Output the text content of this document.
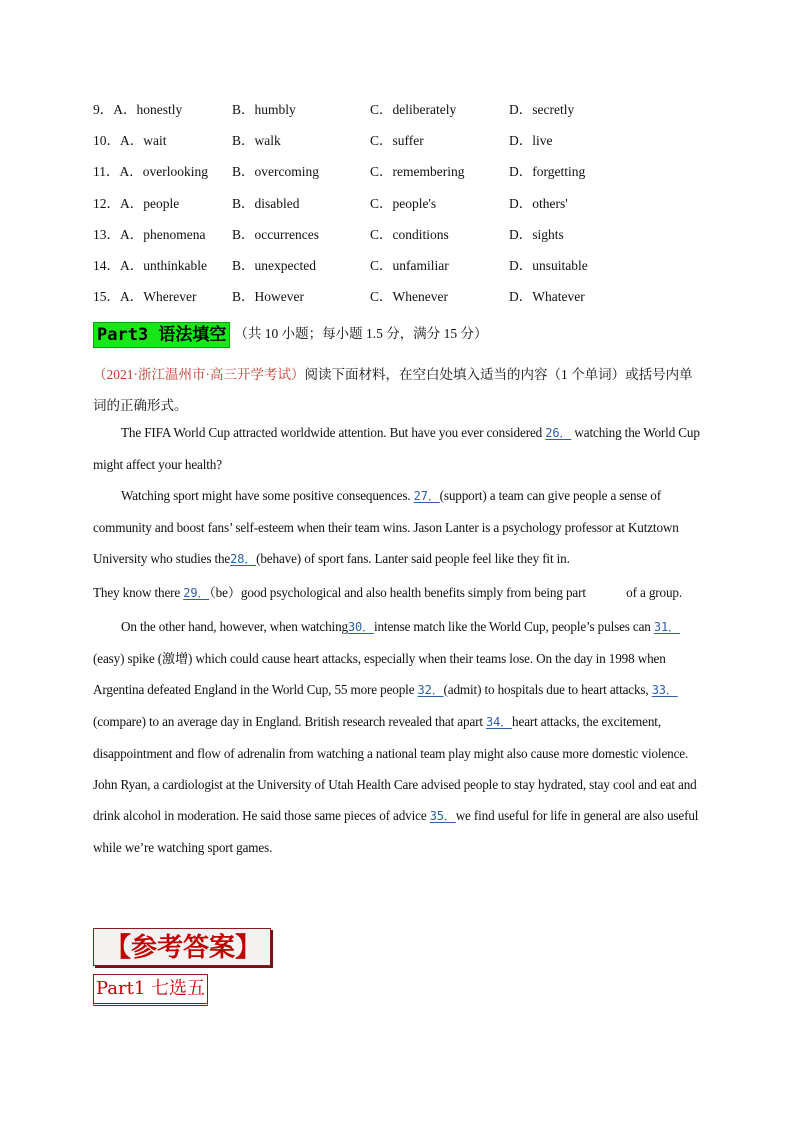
9．A．honestly	B．humbly	C．deliberately	D．secretly
10．A．wait	B．walk	C．suffer	D．live
11．A．overlooking B．overcoming	C．remembering	D．forgetting
12．A．people	B．disabled	C．people's	D．others'
13．A．phenomena B．occurrences	C．conditions	D．sights
14．A．unthinkable B．unexpected	C．unfamiliar	D．unsuitable
15．A．Wherever	B．However	C．Whenever	D．Whatever
Part3 语法填空 （共 10 小题；每小题 1.5 分，满分 15 分）
（2021·浙江温州市·高三开学考试）阅读下面材料，在空白处填入适当的内容（1 个单词）或括号内单词的正确形式。

The FIFA World Cup attracted worldwide attention. But have you ever considered 26． watching the World Cup might affect your health?

Watching sport might have some positive consequences. 27．(support) a team can give people a sense of community and boost fans’ self-esteem when their team wins. Jason Lanter is a psychology professor at Kutztown University who studies the28．(behave) of sport fans. Lanter said people feel like they fit in.

They know there 29．（be）good psychological and also health benefits simply from being part	of a group.

On the other hand, however, when watching30．intense match like the World Cup, people’s pulses can 31．(easy) spike (激增) which could cause heart attacks, especially when their teams lose. On the day in 1998 when Argentina defeated England in the World Cup, 55 more people 32．(admit) to hospitals due to heart attacks, 33．(compare) to an average day in England. British research revealed that apart 34．heart attacks, the excitement, disappointment and flow of adrenalin from watching a national team play might also cause more domestic violence.

John Ryan, a cardiologist at the University of Utah Health Care advised people to stay hydrated, stay cool and eat and drink alcohol in moderation. He said those same pieces of advice 35．we find useful for life in general are also useful while we’re watching sport games.

【参考答案】
Part1 七选五
